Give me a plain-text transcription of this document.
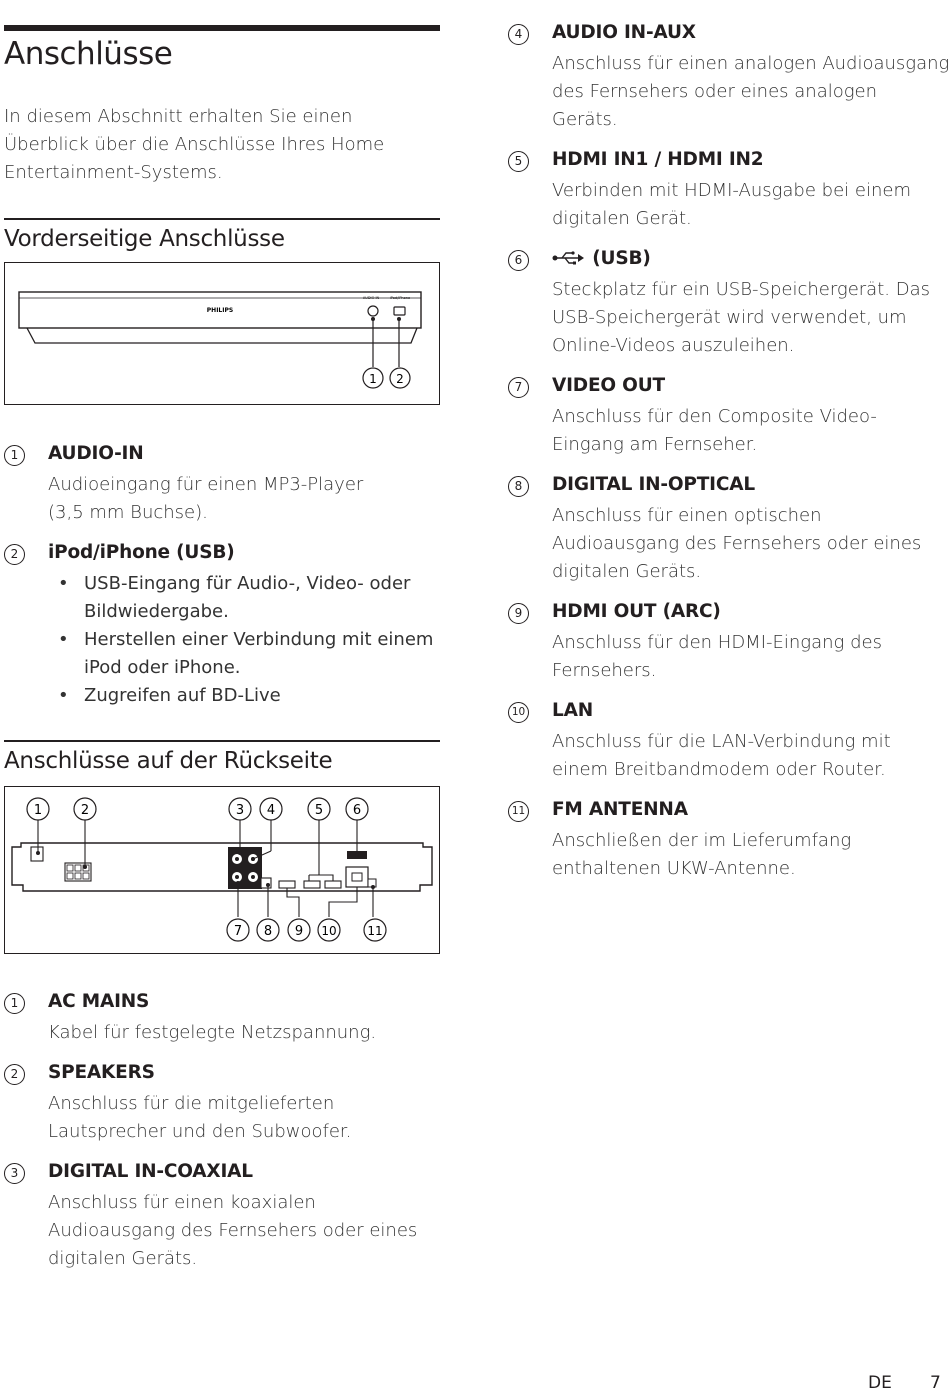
Anschlüsse

In diesem Abschnitt erhalten Sie einen
Überblick über die Anschlüsse Ihres Home
Entertainment-Systems.

Vorderseitige Anschlüsse
PHILIPS
AUDIO IN	iPod/iPhone
1 2
1	AUDIO-IN
Audioeingang für einen MP3-Player
(3,5 mm Buchse).
2	iPod/iPhone (USB)
• USB-Eingang für Audio-, Video- oder
Bildwiedergabe.
• Herstellen einer Verbindung mit einem
iPod oder iPhone.
• Zugreifen auf BD-Live
Anschlüsse auf der Rückseite
1	2	3 4	5 6
7 8 9 10	11
1	AC MAINS
Kabel für festgelegte Netzspannung.
2	SPEAKERS
Anschluss für die mitgelieferten
Lautsprecher und den Subwoofer.
3	DIGITAL IN-COAXIAL
Anschluss für einen koaxialen
Audioausgang des Fernsehers oder eines
digitalen Geräts.
4	AUDIO IN-AUX
Anschluss für einen analogen Audioausgang
des Fernsehers oder eines analogen
Geräts.
5	HDMI IN1 / HDMI IN2
Verbinden mit HDMI-Ausgabe bei einem
digitalen Gerät.
6	(USB)
Steckplatz für ein USB-Speichergerät. Das
USB-Speichergerät wird verwendet, um
Online-Videos auszuleihen.
7	VIDEO OUT
Anschluss für den Composite Video-
Eingang am Fernseher.
8	DIGITAL IN-OPTICAL
Anschluss für einen optischen
Audioausgang des Fernsehers oder eines
digitalen Geräts.
9	HDMI OUT (ARC)
Anschluss für den HDMI-Eingang des
Fernsehers.
10 LAN
Anschluss für die LAN-Verbindung mit
einem Breitbandmodem oder Router.
11 FM ANTENNA
Anschließen der im Lieferumfang
enthaltenen UKW-Antenne.
DE 7
